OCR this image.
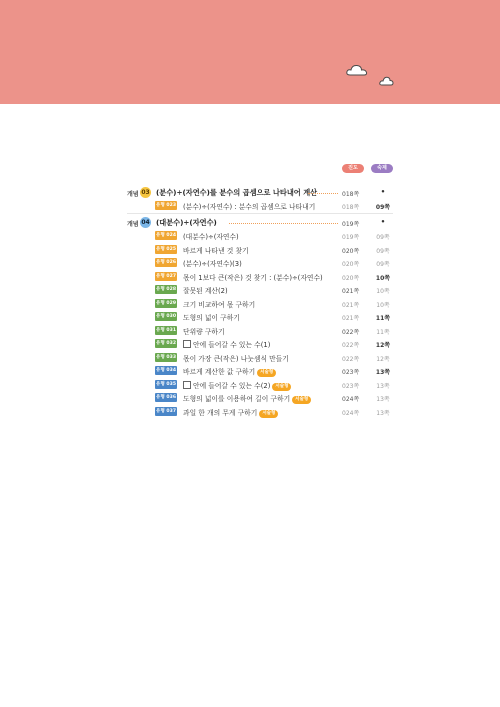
진도	숙제
개념 03 (분수)÷(자연수)를 분수의 곱셈으로 나타내어 계산	018쪽	•
유형 023 (분수)÷(자연수) : 분수의 곱셈으로 나타내기	018쪽	09쪽
개념 04 (대분수)÷(자연수)	019쪽	•
유형 024 (대분수)÷(자연수)	019쪽	09쪽
유형 025 바르게 나타낸 것 찾기	020쪽	09쪽
유형 026 (분수)÷(자연수)(3)	020쪽	09쪽
유형 027 몫이 1보다 큰(작은) 것 찾기 : (분수)÷(자연수)	020쪽	10쪽
유형 028 잘못된 계산(2)	021쪽	10쪽
유형 029 크기 비교하여 몫 구하기	021쪽	10쪽
유형 030 도형의 넓이 구하기	021쪽	11쪽
유형 031 단위량 구하기	022쪽	11쪽
유형 032	안에 들어갈 수 있는 수(1)	022쪽	12쪽
유형 033 몫이 가장 큰(작은) 나눗셈식 만들기	022쪽	12쪽
유형 034 바르게 계산한 값 구하기 서술형	023쪽	13쪽
유형 035	안에 들어갈 수 있는 수(2) 서술형	023쪽	13쪽
유형 036 도형의 넓이를 이용하여 길이 구하기 서술형	024쪽	13쪽
유형 037 과일 한 개의 무게 구하기 서술형	024쪽	13쪽
